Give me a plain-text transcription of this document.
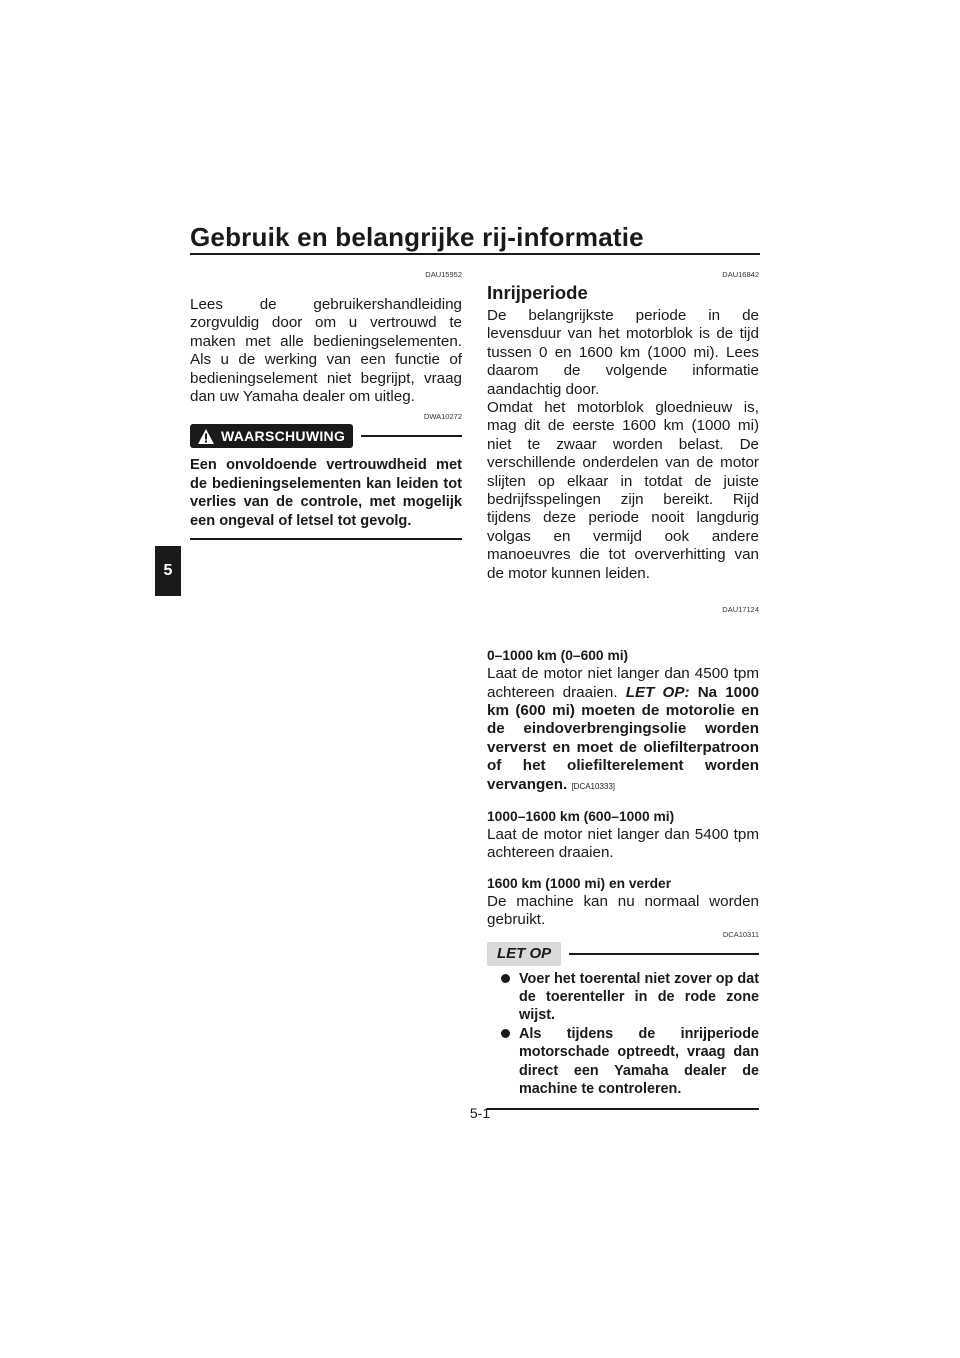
Gebruik en belangrijke rij-informatie
5
DAU15952

Lees de gebruikershandleiding zorgvuldig door om u vertrouwd te maken met alle bedieningselementen. Als u de werking van een functie of bedieningselement niet begrijpt, vraag dan uw Yamaha dealer om uitleg.

DWA10272
WAARSCHUWING

Een onvoldoende vertrouwdheid met de bedieningselementen kan leiden tot verlies van de controle, met mogelijk een ongeval of letsel tot gevolg.

DAU16842
Inrijperiode

De belangrijkste periode in de levensduur van het motorblok is de tijd tussen 0 en 1600 km (1000 mi). Lees daarom de volgende informatie aandachtig door.

Omdat het motorblok gloednieuw is, mag dit de eerste 1600 km (1000 mi) niet te zwaar worden belast. De verschillende onderdelen van de motor slijten op elkaar in totdat de juiste bedrijfsspelingen zijn bereikt. Rijd tijdens deze periode nooit langdurig volgas en vermijd ook andere manoeuvres die tot oververhitting van de motor kunnen leiden.

DAU17124
0–1000 km (0–600 mi)

Laat de motor niet langer dan 4500 tpm achtereen draaien. LET OP: Na 1000 km (600 mi) moeten de motorolie en de eindoverbrengingsolie worden ververst en moet de oliefilterpatroon of het oliefilterelement worden vervangen. [DCA10333]

1000–1600 km (600–1000 mi)

Laat de motor niet langer dan 5400 tpm achtereen draaien.

1600 km (1000 mi) en verder

De machine kan nu normaal worden gebruikt.

DCA10311
LET OP
Voer het toerental niet zover op dat de toerenteller in de rode zone wijst.
Als tijdens de inrijperiode motorschade optreedt, vraag dan direct een Yamaha dealer de machine te controleren.
5-1
